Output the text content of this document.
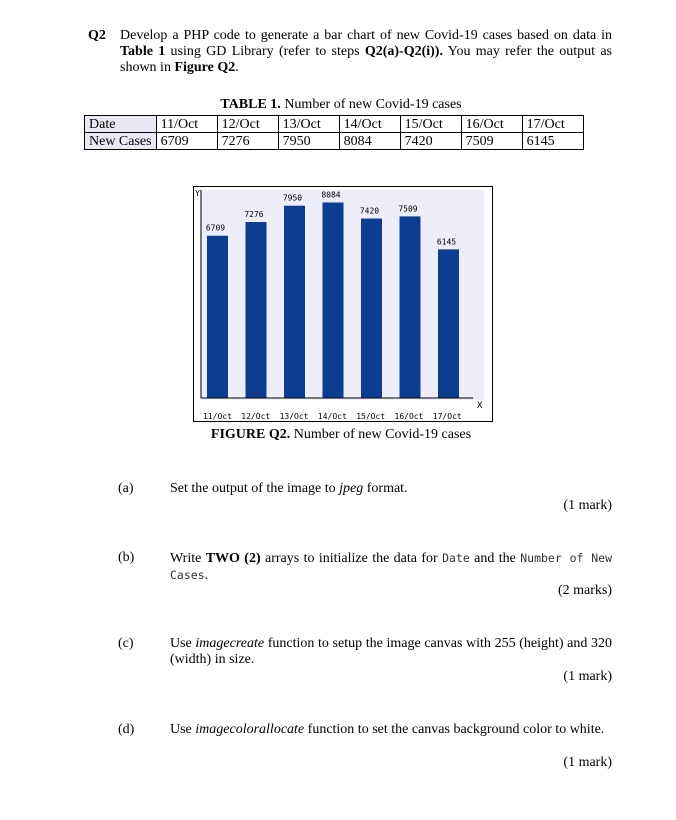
Q2 Develop a PHP code to generate a bar chart of new Covid-19 cases based on data in Table 1 using GD Library (refer to steps Q2(a)-Q2(i)). You may refer the output as shown in Figure Q2.
TABLE 1. Number of new Covid-19 cases
Date	11/Oct	12/Oct	13/Oct	14/Oct	15/Oct	16/Oct	17/Oct
New Cases	6709	7276	7950	8084	7420	7509	6145
6709
7276
7950 8084
7420 7509
6145
11/Oct 12/Oct 13/Oct 14/Oct 15/Oct 16/Oct 17/Oct
Y
X
FIGURE Q2. Number of new Covid-19 cases
(a)	Set the output of the image to jpeg format.
(1 mark)
(b)	Write TWO (2) arrays to initialize the data for Date and the Number of New Cases.
(2 marks)
(c)	Use imagecreate function to setup the image canvas with 255 (height) and 320 (width) in size.
(1 mark)
(d)	Use imagecolorallocate function to set the canvas background color to white.
(1 mark)
